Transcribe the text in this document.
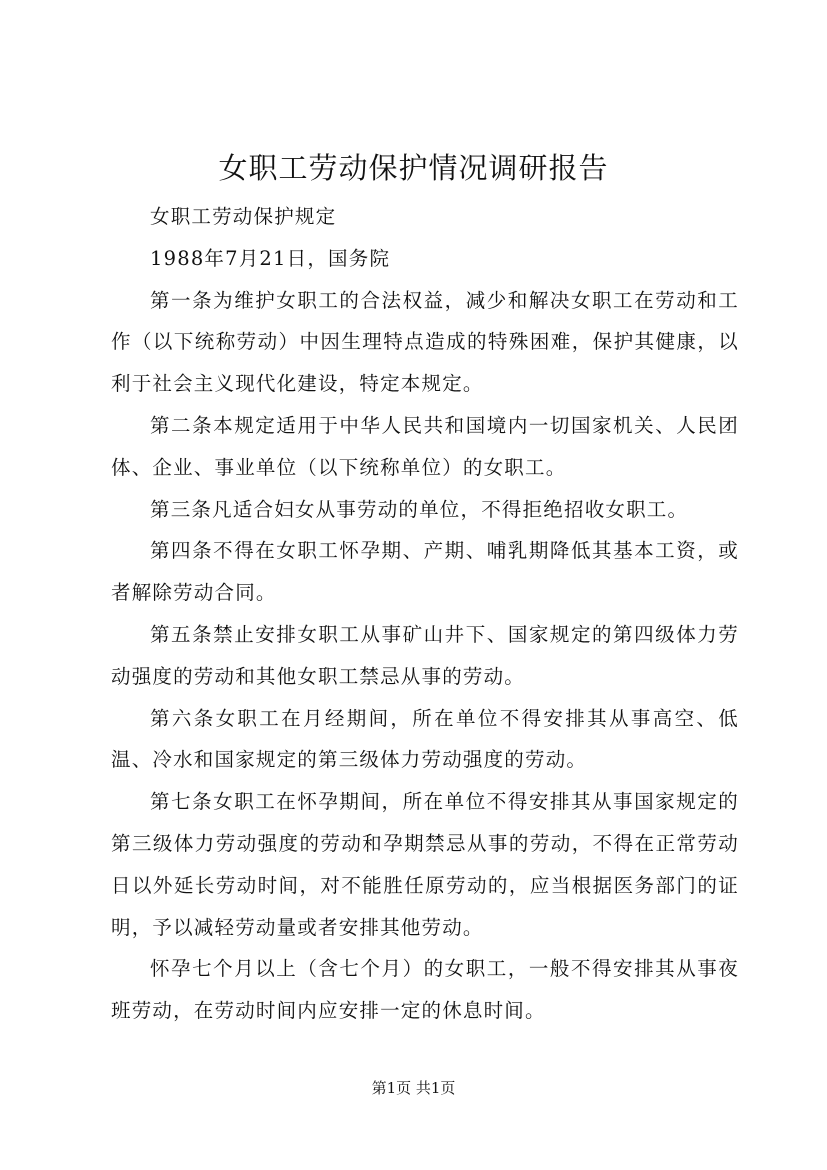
女职工劳动保护情况调研报告

女职工劳动保护规定

1988年7月21日，国务院

第一条为维护女职工的合法权益，减少和解决女职工在劳动和工作（以下统称劳动）中因生理特点造成的特殊困难，保护其健康，以利于社会主义现代化建设，特定本规定。

第二条本规定适用于中华人民共和国境内一切国家机关、人民团体、企业、事业单位（以下统称单位）的女职工。

第三条凡适合妇女从事劳动的单位，不得拒绝招收女职工。

第四条不得在女职工怀孕期、产期、哺乳期降低其基本工资，或者解除劳动合同。

第五条禁止安排女职工从事矿山井下、国家规定的第四级体力劳动强度的劳动和其他女职工禁忌从事的劳动。

第六条女职工在月经期间，所在单位不得安排其从事高空、低温、冷水和国家规定的第三级体力劳动强度的劳动。

第七条女职工在怀孕期间，所在单位不得安排其从事国家规定的第三级体力劳动强度的劳动和孕期禁忌从事的劳动，不得在正常劳动日以外延长劳动时间，对不能胜任原劳动的，应当根据医务部门的证明，予以减轻劳动量或者安排其他劳动。

怀孕七个月以上（含七个月）的女职工，一般不得安排其从事夜班劳动，在劳动时间内应安排一定的休息时间。

第1页 共1页
